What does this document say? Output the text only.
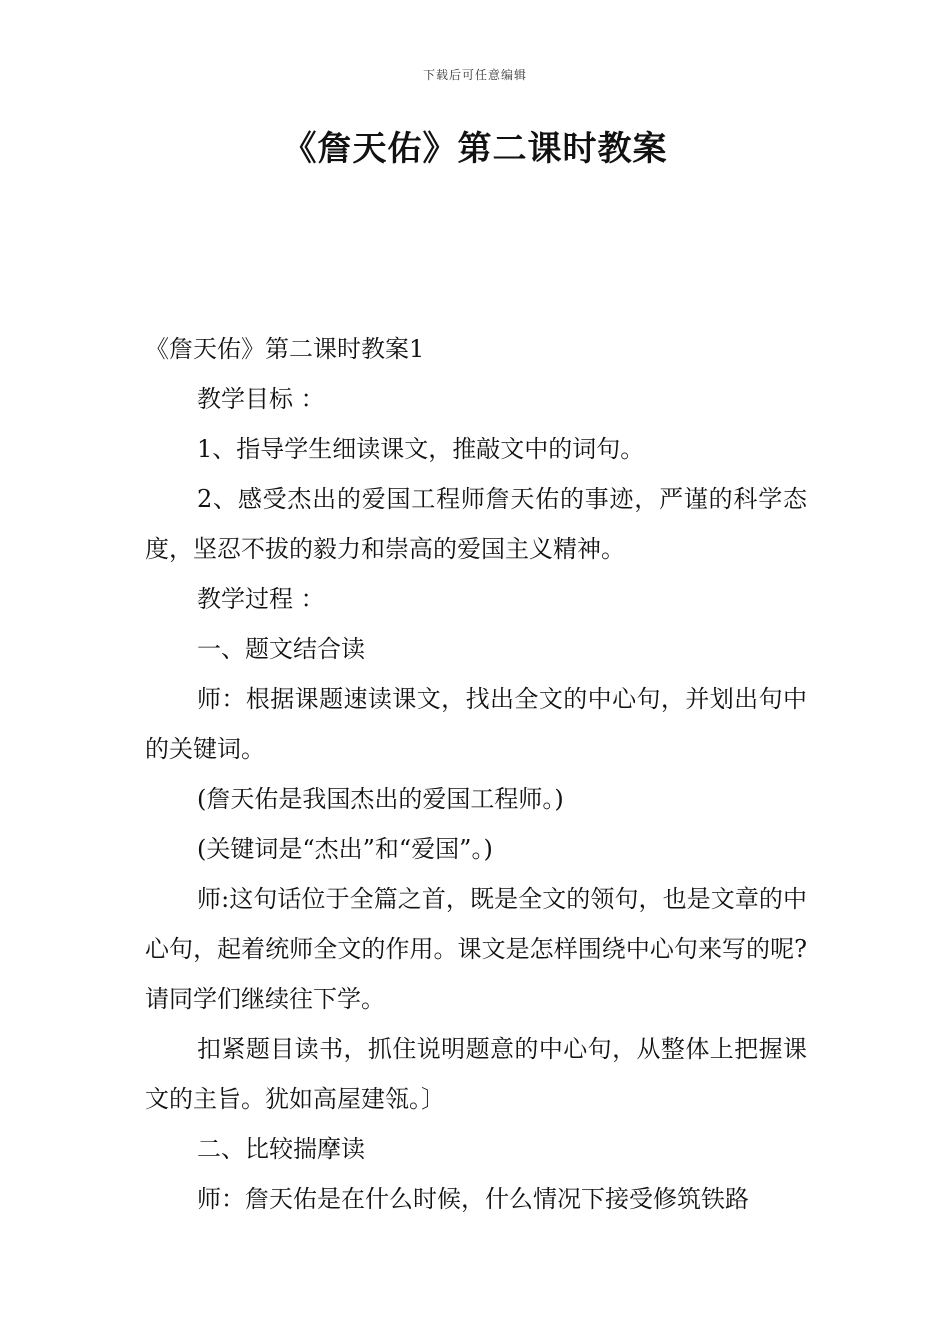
下载后可任意编辑
《詹天佑》第二课时教案

《詹天佑》第二课时教案1

教学目标 ：

1、指导学生细读课文，推敲文中的词句。

2、感受杰出的爱国工程师詹天佑的事迹，严谨的科学态度，坚忍不拔的毅力和崇高的爱国主义精神。

教学过程 ：

一、题文结合读

师：根据课题速读课文，找出全文的中心句，并划出句中的关键词。

(詹天佑是我国杰出的爱国工程师。)

(关键词是“杰出”和“爱国”。)

师:这句话位于全篇之首，既是全文的领句，也是文章的中心句，起着统师全文的作用。课文是怎样围绕中心句来写的呢?请同学们继续往下学。

扣紧题目读书，抓住说明题意的中心句，从整体上把握课文的主旨。犹如高屋建瓴。〕

二、比较揣摩读

师：詹天佑是在什么时候，什么情况下接受修筑铁路
